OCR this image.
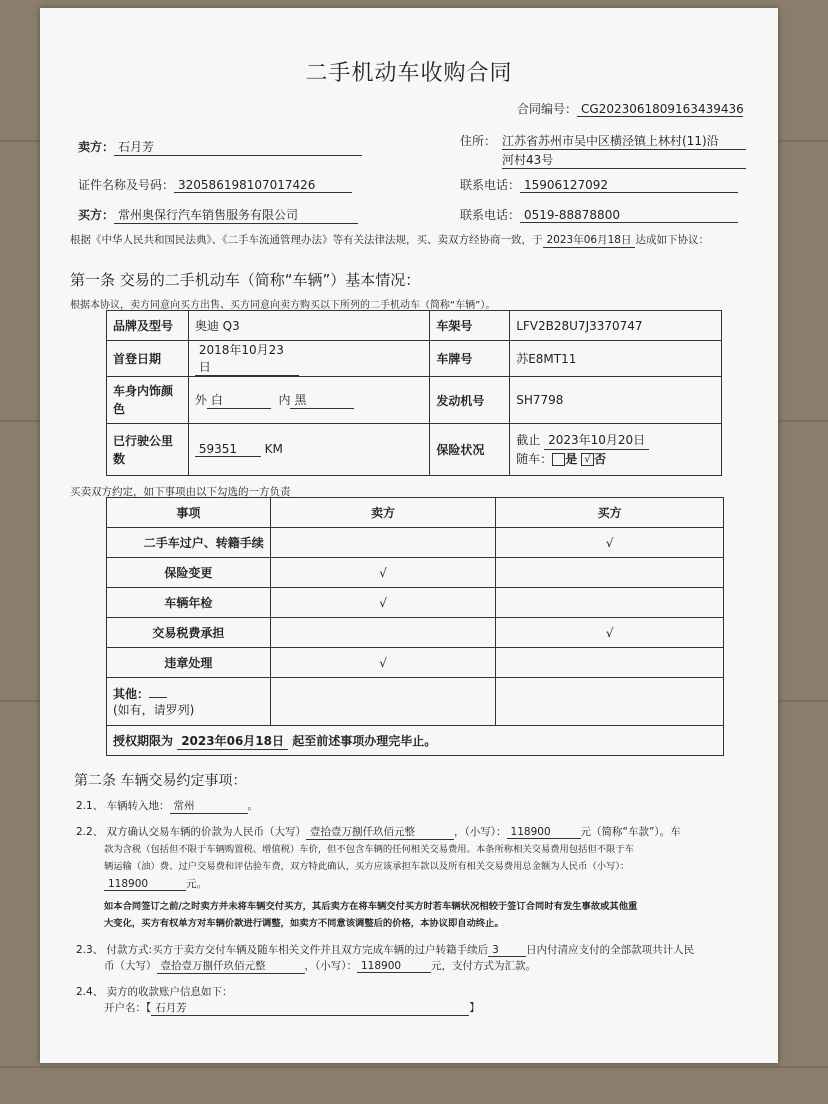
二手机动车收购合同
合同编号： CG2023061809163439436
卖方： 石月芳	住所： 江苏省苏州市吴中区横泾镇上林村(11)沿
河村43号
证件名称及号码： 320586198107017426	联系电话： 15906127092
买方： 常州奥保行汽车销售服务有限公司	联系电话： 0519-88878800
根据《中华人民共和国民法典》、《二手车流通管理办法》等有关法律法规，买、卖双方经协商一致，于 2023年06月18日 达成如下协议：
第一条 交易的二手机动车（简称“车辆”）基本情况：
根据本协议，卖方同意向买方出售、买方同意向卖方购买以下所列的二手机动车（简称“车辆”）。
品牌及型号	奥迪 Q3	车架号	LFV2B28U7J3370747
首登日期	2018年10月23日	车牌号	苏E8MT11
车身内饰颜色	外 白 内 黑	发动机号	SH7798
已行驶公里数	59351 KM	保险状况	截止 2023年10月20日
随车： 是 √ 否
买卖双方约定，如下事项由以下勾选的一方负责
事项	卖方	买方
二手车过户、转籍手续		√
保险变更	√	
车辆年检	√	
交易税费承担		√
违章处理	√	
其他：
(如有，请罗列)		
授权期限为 2023年06月18日 起至前述事项办理完毕止。		
第二条 车辆交易约定事项：
2.1、 车辆转入地： 常州	。
2.2、 双方确认交易车辆的价款为人民币（大写） 壹拾壹万捌仟玖佰元整	，（小写）： 118900	元（简称“车款”）。车
款为含税（包括但不限于车辆购置税、增值税）车价，但不包含车辆的任何相关交易费用。本条所称相关交易费用包括但不限于车
辆运输（油）费、过户交易费和评估验车费，双方特此确认，买方应该承担车款以及所有相关交易费用总金额为人民币（小写）：
118900	元。
如本合同签订之前/之时卖方并未将车辆交付买方，其后卖方在将车辆交付买方时若车辆状况相较于签订合同时有发生事故或其他重
大变化，买方有权单方对车辆价款进行调整，如卖方不同意该调整后的价格，本协议即自动终止。
2.3、 付款方式:买方于卖方交付车辆及随车相关文件并且双方完成车辆的过户转籍手续后 3	日内付清应支付的全部款项共计人民
币（大写） 壹拾壹万捌仟玖佰元整	，（小写）： 118900	元，支付方式为汇款。
2.4、 卖方的收款账户信息如下：
开户名：【 石月芳	】
